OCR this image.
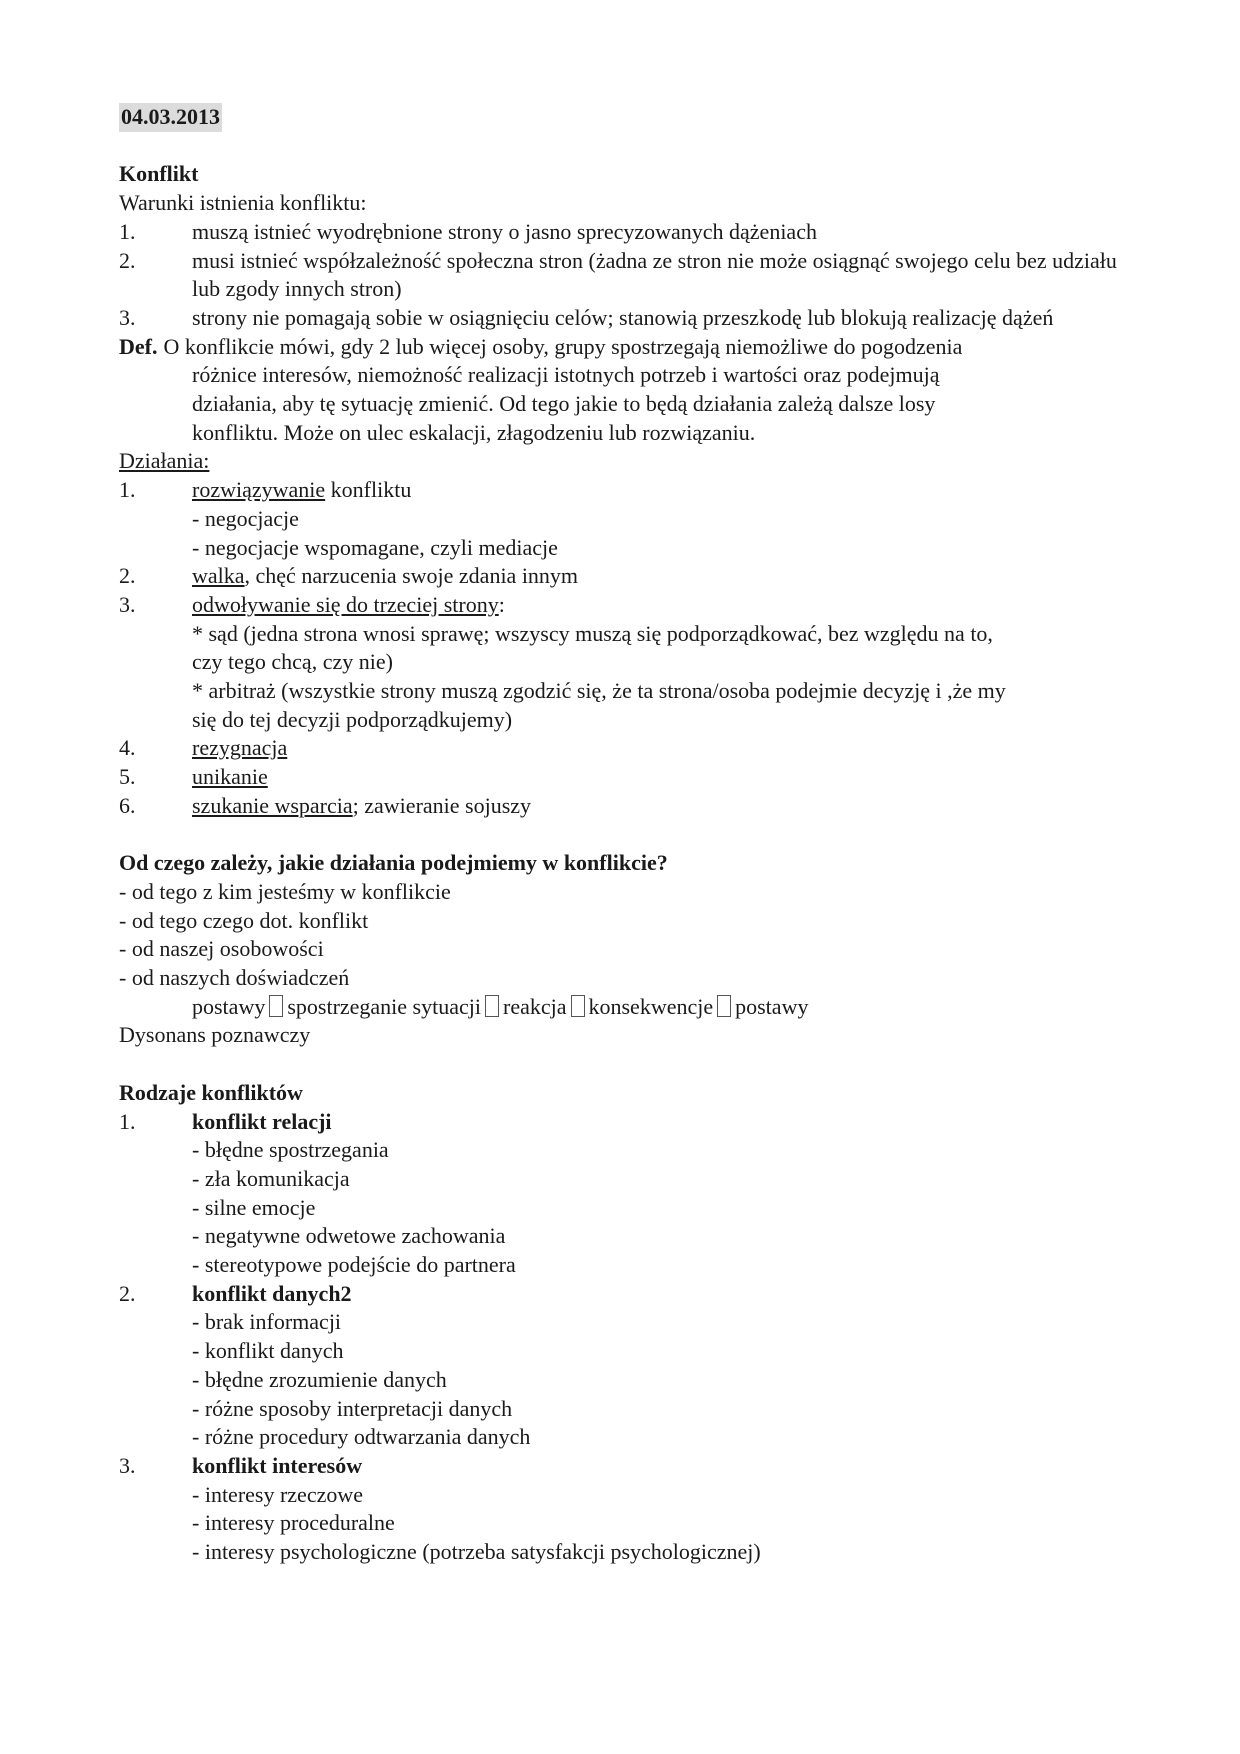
04.03.2013
Konflikt
Warunki istnienia konfliktu:
1.	muszą istnieć wyodrębnione strony o jasno sprecyzowanych dążeniach
2.	musi istnieć współzależność społeczna stron (żadna ze stron nie może osiągnąć swojego celu bez udziału lub zgody innych stron)
3.	strony nie pomagają sobie w osiągnięciu celów; stanowią przeszkodę lub blokują realizację dążeń
Def. O konflikcie mówi, gdy 2 lub więcej osoby, grupy spostrzegają niemożliwe do pogodzenia
różnice interesów, niemożność realizacji istotnych potrzeb i wartości oraz podejmują
działania, aby tę sytuację zmienić. Od tego jakie to będą działania zależą dalsze losy
konfliktu. Może on ulec eskalacji, złagodzeniu lub rozwiązaniu.
Działania:
1.	rozwiązywanie konfliktu
- negocjacje
- negocjacje wspomagane, czyli mediacje
2.	walka, chęć narzucenia swoje zdania innym
3.	odwoływanie się do trzeciej strony:
* sąd (jedna strona wnosi sprawę; wszyscy muszą się podporządkować, bez względu na to,
czy tego chcą, czy nie)
* arbitraż (wszystkie strony muszą zgodzić się, że ta strona/osoba podejmie decyzję i ,że my
się do tej decyzji podporządkujemy)
4.	rezygnacja
5.	unikanie
6.	szukanie wsparcia; zawieranie sojuszy
Od czego zależy, jakie działania podejmiemy w konflikcie?
- od tego z kim jesteśmy w konflikcie
- od tego czego dot. konflikt
- od naszej osobowości
- od naszych doświadczeń
postawy spostrzeganie sytuacji reakcja konsekwencje postawy
Dysonans poznawczy
Rodzaje konfliktów
1.	konflikt relacji
- błędne spostrzegania
- zła komunikacja
- silne emocje
- negatywne odwetowe zachowania
- stereotypowe podejście do partnera
2.	konflikt danych2
- brak informacji
- konflikt danych
- błędne zrozumienie danych
- różne sposoby interpretacji danych
- różne procedury odtwarzania danych
3.	konflikt interesów
- interesy rzeczowe
- interesy proceduralne
- interesy psychologiczne (potrzeba satysfakcji psychologicznej)
